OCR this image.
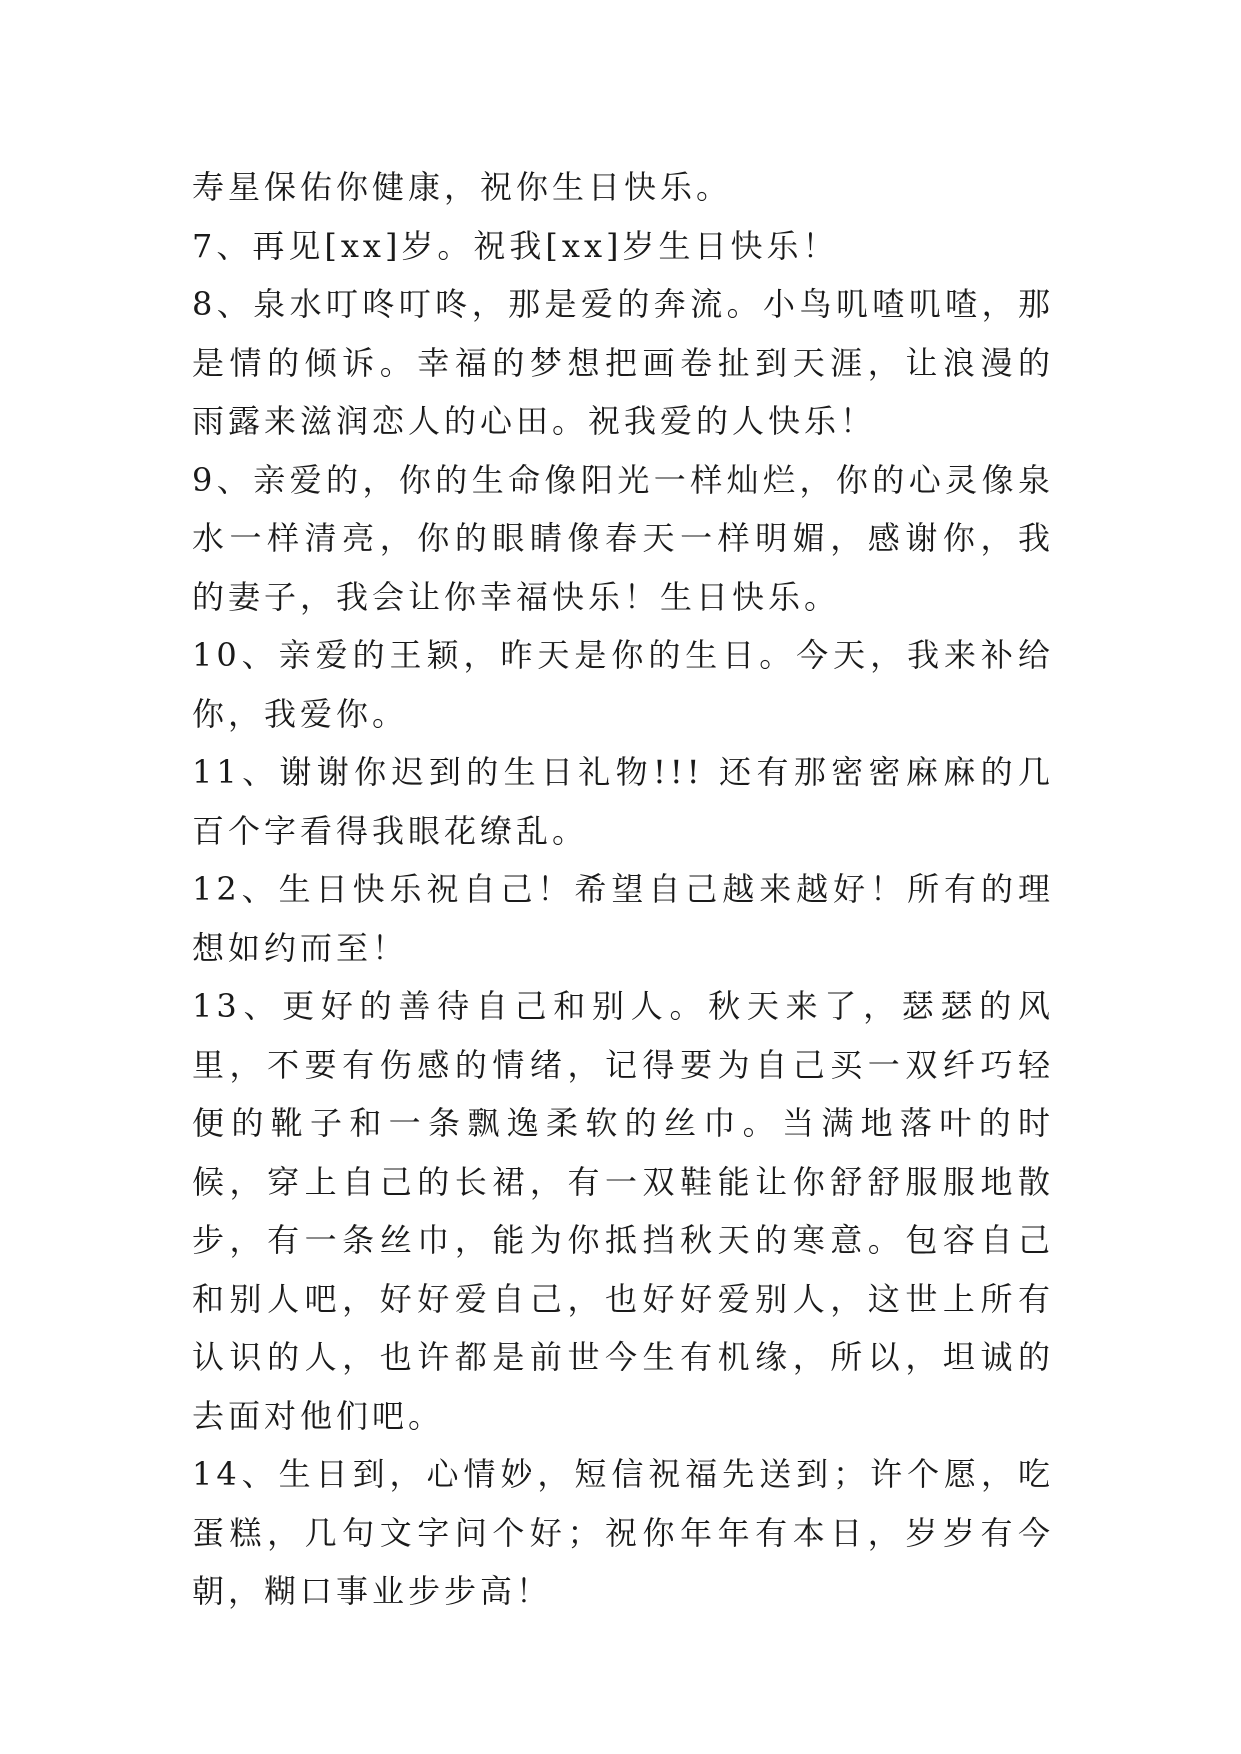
寿星保佑你健康，祝你生日快乐。

7、再见[xx]岁。祝我[xx]岁生日快乐！

8、泉水叮咚叮咚，那是爱的奔流。小鸟叽喳叽喳，那是情的倾诉。幸福的梦想把画卷扯到天涯，让浪漫的雨露来滋润恋人的心田。祝我爱的人快乐！

9、亲爱的，你的生命像阳光一样灿烂，你的心灵像泉水一样清亮，你的眼睛像春天一样明媚，感谢你，我的妻子，我会让你幸福快乐！生日快乐。

10、亲爱的王颖，昨天是你的生日。今天，我来补给你，我爱你。

11、谢谢你迟到的生日礼物!!! 还有那密密麻麻的几百个字看得我眼花缭乱。

12、生日快乐祝自己！希望自己越来越好！所有的理想如约而至！

13、更好的善待自己和别人。秋天来了，瑟瑟的风里，不要有伤感的情绪，记得要为自己买一双纤巧轻便的靴子和一条飘逸柔软的丝巾。当满地落叶的时候，穿上自己的长裙，有一双鞋能让你舒舒服服地散步，有一条丝巾，能为你抵挡秋天的寒意。包容自己和别人吧，好好爱自己，也好好爱别人，这世上所有认识的人，也许都是前世今生有机缘，所以，坦诚的去面对他们吧。

14、生日到，心情妙，短信祝福先送到；许个愿，吃蛋糕，几句文字问个好；祝你年年有本日，岁岁有今朝，糊口事业步步高！
